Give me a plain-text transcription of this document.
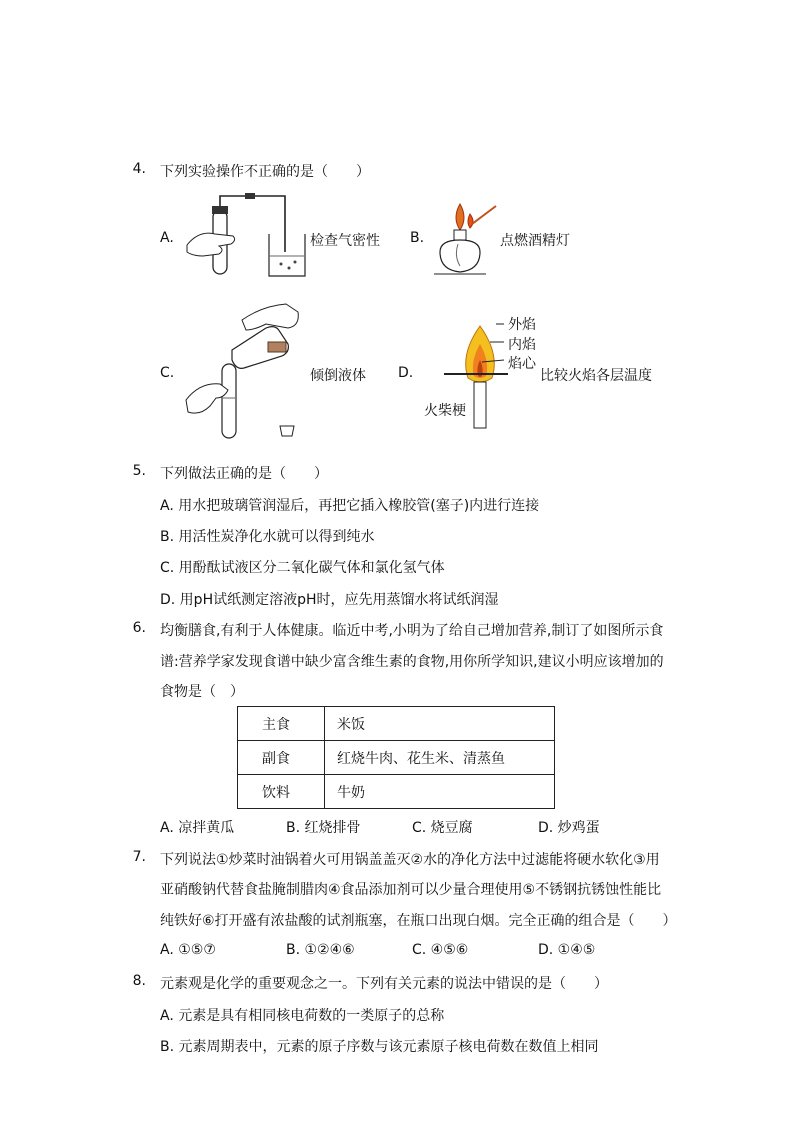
4. 下列实验操作不正确的是（　　）
A.	检查气密性 B.	点燃酒精灯
C.	倾倒液体 D.
外焰
内焰
焰心
火柴梗
比较火焰各层温度
5. 下列做法正确的是（　　）
A. 用水把玻璃管润湿后，再把它插入橡胶管(塞子)内进行连接
B. 用活性炭净化水就可以得到纯水
C. 用酚酞试液区分二氧化碳气体和氯化氢气体
D. 用pH试纸测定溶液pH时，应先用蒸馏水将试纸润湿
6. 均衡膳食,有利于人体健康。临近中考,小明为了给自己增加营养,制订了如图所示食
谱:营养学家发现食谱中缺少富含维生素的食物,用你所学知识,建议小明应该增加的
食物是（　）
主食	米饭
副食	红烧牛肉、花生米、清蒸鱼
饮料	牛奶
A. 凉拌黄瓜	B. 红烧排骨	C. 烧豆腐	D. 炒鸡蛋
7. 下列说法①炒菜时油锅着火可用锅盖盖灭②水的净化方法中过滤能将硬水软化③用
亚硝酸钠代替食盐腌制腊肉④食品添加剂可以少量合理使用⑤不锈钢抗锈蚀性能比
纯铁好⑥打开盛有浓盐酸的试剂瓶塞，在瓶口出现白烟。完全正确的组合是（　　）
A. ①⑤⑦	B. ①②④⑥	C. ④⑤⑥	D. ①④⑤
8. 元素观是化学的重要观念之一。下列有关元素的说法中错误的是（　　）
A. 元素是具有相同核电荷数的一类原子的总称
B. 元素周期表中，元素的原子序数与该元素原子核电荷数在数值上相同
